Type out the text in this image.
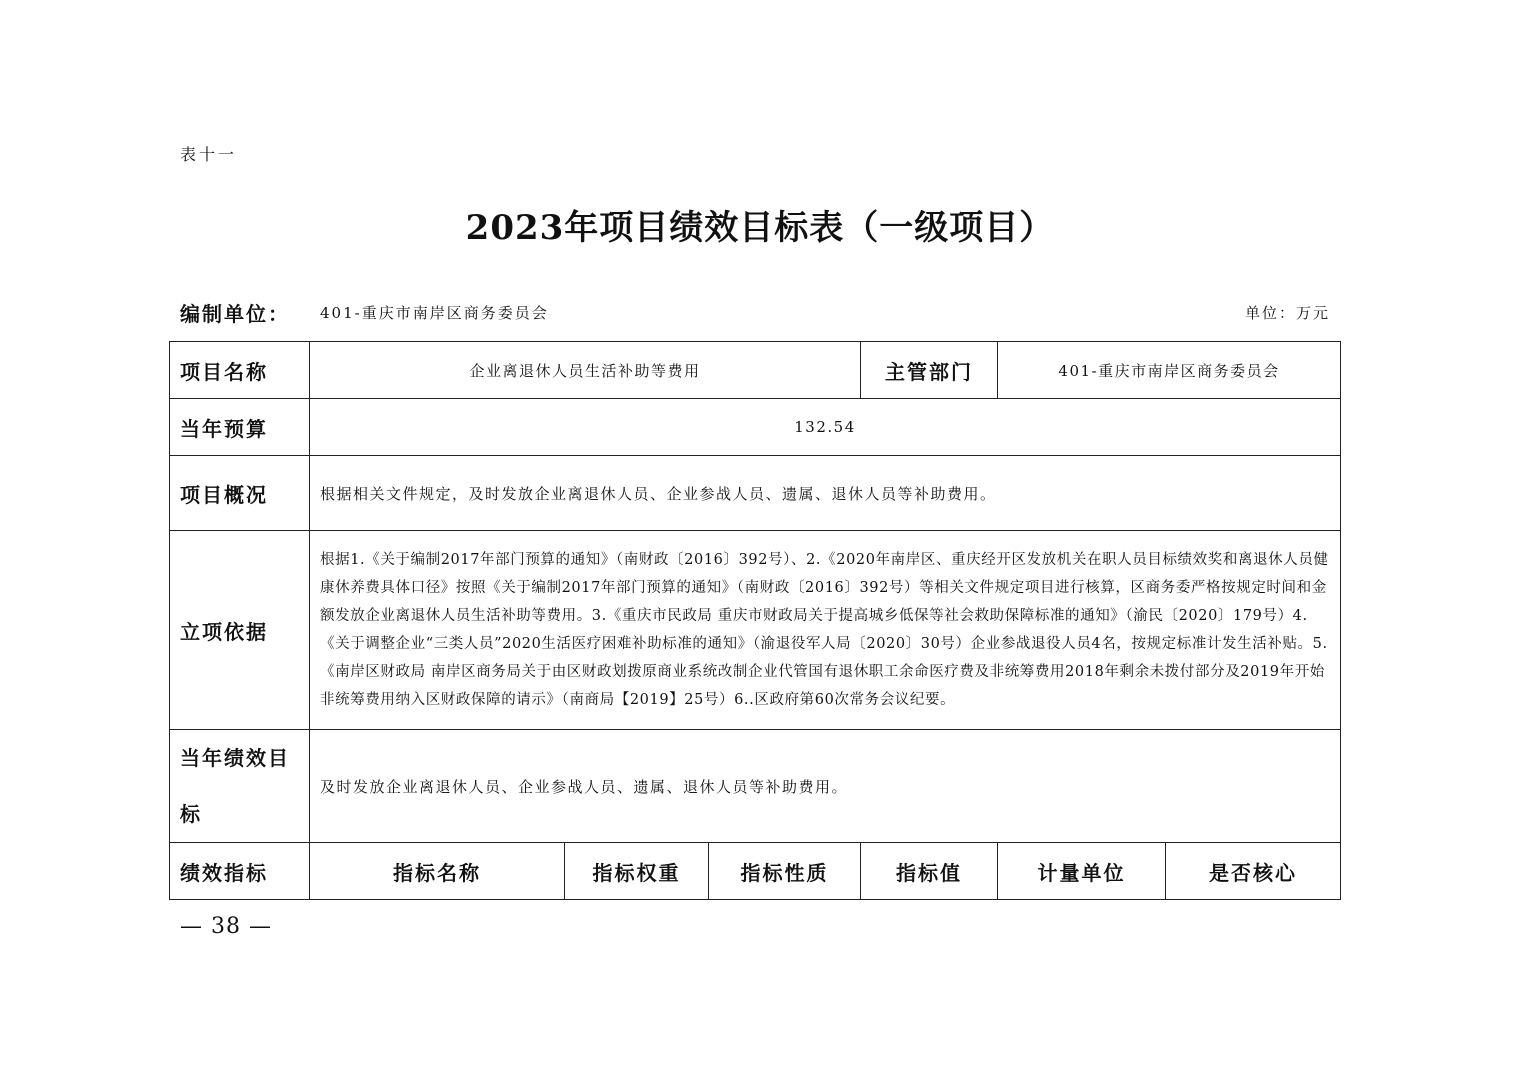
表十一
2023年项目绩效目标表（一级项目）
编制单位： 401-重庆市南岸区商务委员会	单位：万元
项目名称	企业离退休人员生活补助等费用			主管部门	401-重庆市南岸区商务委员会	
当年预算	132.54					
项目概况	根据相关文件规定，及时发放企业离退休人员、企业参战人员、遗属、退休人员等补助费用。					
立项依据	根据1.《关于编制2017年部门预算的通知》（南财政〔2016〕392号）、2.《2020年南岸区、重庆经开区发放机关在职人员目标绩效奖和离退休人员健康休养费具体口径》按照《关于编制2017年部门预算的通知》（南财政〔2016〕392号）等相关文件规定项目进行核算，区商务委严格按规定时间和金额发放企业离退休人员生活补助等费用。3.《重庆市民政局 重庆市财政局关于提高城乡低保等社会救助保障标准的通知》（渝民〔2020〕179号）4.《关于调整企业“三类人员”2020生活医疗困难补助标准的通知》（渝退役军人局〔2020〕30号）企业参战退役人员4名，按规定标准计发生活补贴。5.《南岸区财政局 南岸区商务局关于由区财政划拨原商业系统改制企业代管国有退休职工余命医疗费及非统筹费用2018年剩余未拨付部分及2019年开始非统筹费用纳入区财政保障的请示》（南商局【2019】25号）6..区政府第60次常务会议纪要。					
当年绩效目标	及时发放企业离退休人员、企业参战人员、遗属、退休人员等补助费用。					
绩效指标	指标名称	指标权重	指标性质	指标值	计量单位	是否核心
— 38 —
